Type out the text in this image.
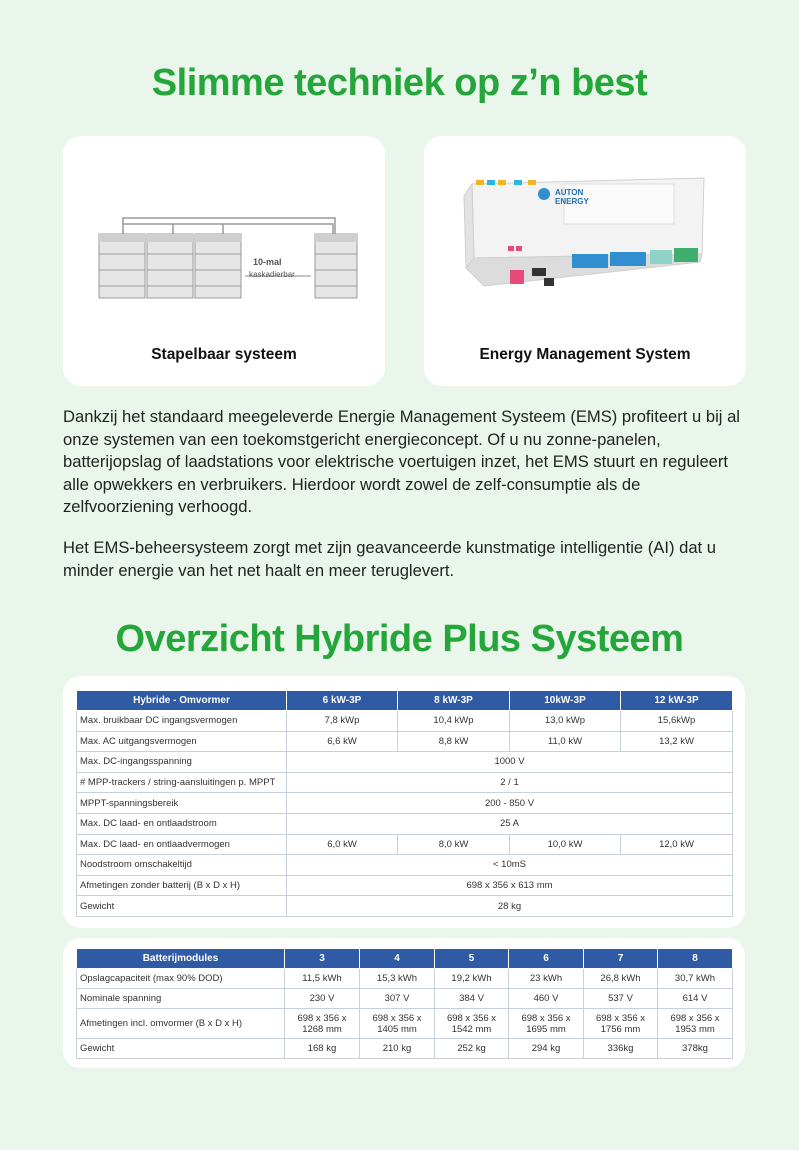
Slimme techniek op z’n best
10-mal
kaskadierbar
Stapelbaar systeem
AUTON
ENERGY
Energy Management System

Dankzij het standaard meegeleverde Energie Management Systeem (EMS) profiteert u bij al onze systemen van een toekomstgericht energieconcept. Of u nu zonne-panelen, batterijopslag of laadstations voor elektrische voertuigen inzet, het EMS stuurt en reguleert alle opwekkers en verbruikers. Hierdoor wordt zowel de zelf-consumptie als de zelfvoorziening verhoogd.

Het EMS-beheersysteem zorgt met zijn geavanceerde kunstmatige intelligentie (AI) dat u minder energie van het net haalt en meer teruglevert.

Overzicht Hybride Plus Systeem
Hybride - Omvormer	6 kW-3P	8 kW-3P	10kW-3P	12 kW-3P
Max. bruikbaar DC ingangsvermogen	7,8 kWp	10,4 kWp	13,0 kWp	15,6kWp
Max. AC uitgangsvermogen	6,6 kW	8,8 kW	11,0 kW	13,2 kW
Max. DC-ingangsspanning	1000 V			
# MPP-trackers / string-aansluitingen p. MPPT	2 / 1			
MPPT-spanningsbereik	200 - 850 V			
Max. DC laad- en ontlaadstroom	25 A			
Max. DC laad- en ontlaadvermogen	6,0 kW	8,0 kW	10,0 kW	12,0 kW
Noodstroom omschakeltijd	< 10mS			
Afmetingen zonder batterij (B x D x H)	698 x 356 x 613 mm			
Gewicht	28 kg			
Batterijmodules	3	4	5	6	7	8
Opslagcapaciteit (max 90% DOD)	11,5 kWh	15,3 kWh	19,2 kWh	23 kWh	26,8 kWh	30,7 kWh
Nominale spanning	230 V	307 V	384 V	460 V	537 V	614 V
Afmetingen incl. omvormer (B x D x H)	698 x 356 x 1268 mm	698 x 356 x 1405 mm	698 x 356 x 1542 mm	698 x 356 x 1695 mm	698 x 356 x 1756 mm	698 x 356 x 1953 mm
Gewicht	168 kg	210 kg	252 kg	294 kg	336kg	378kg
